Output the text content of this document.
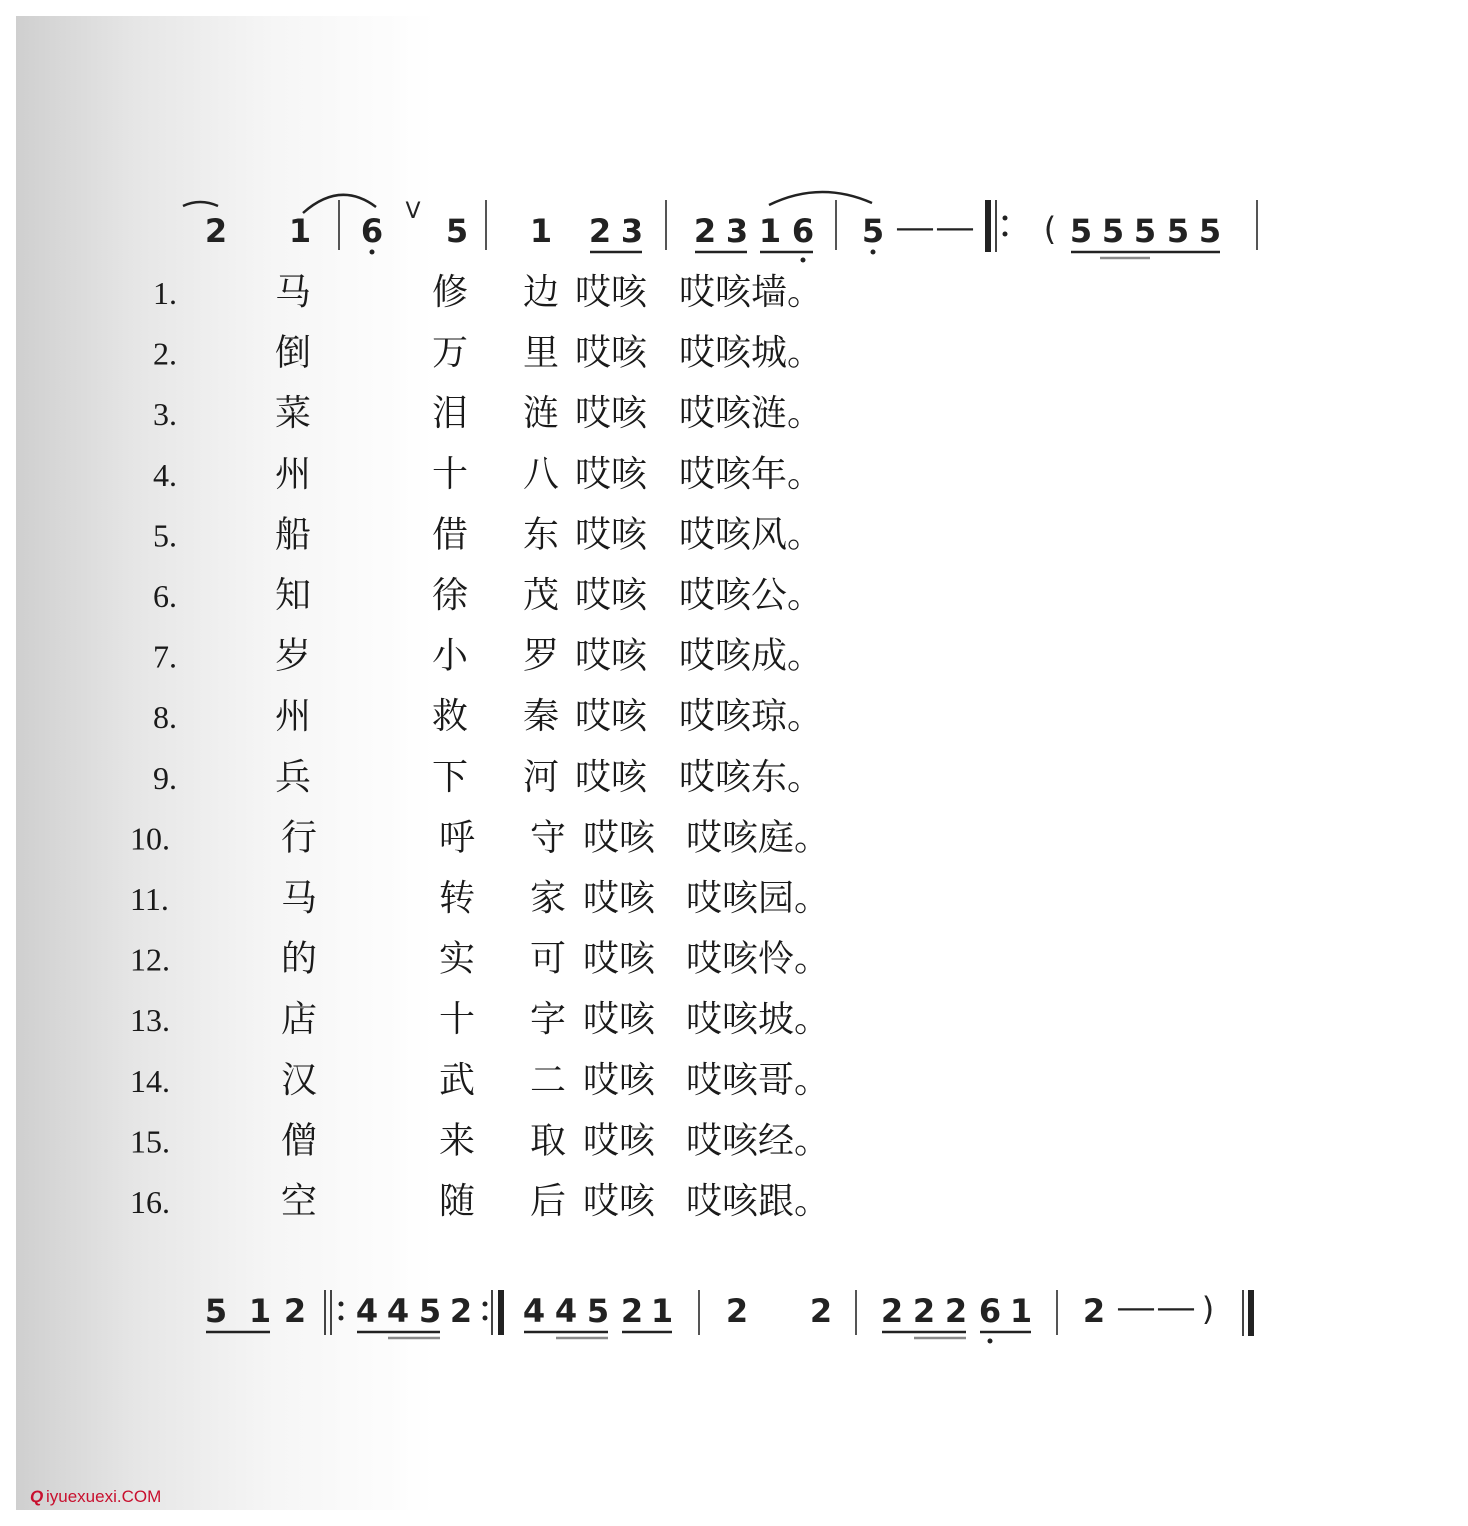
2 1 6
V
5 1 2 3 2 3 1 6 5 —— ( 5 5 5 5 5
1.	马	修 边 哎咳 哎咳墙。
2.	倒	万 里 哎咳 哎咳城。
3.	菜	泪 涟 哎咳 哎咳涟。
4.	州	十 八 哎咳 哎咳年。
5.	船	借 东 哎咳 哎咳风。
6.	知	徐 茂 哎咳 哎咳公。
7.	岁	小 罗 哎咳 哎咳成。
8.	州	救 秦 哎咳 哎咳琼。
9.	兵	下 河 哎咳 哎咳东。
10.	行	呼 守 哎咳 哎咳庭。
11.	马	转 家 哎咳 哎咳园。
12.	的	实 可 哎咳 哎咳怜。
13.	店	十 字 哎咳 哎咳坡。
14.	汉	武 二 哎咳 哎咳哥。
15.	僧	来 取 哎咳 哎咳经。
16.	空	随 后 哎咳 哎咳跟。
5 1 2 4 4 5 2 4 4 5 2 1 2 2 2 2 2 6 1 2 —— )
Q iyuexuexi.COM
